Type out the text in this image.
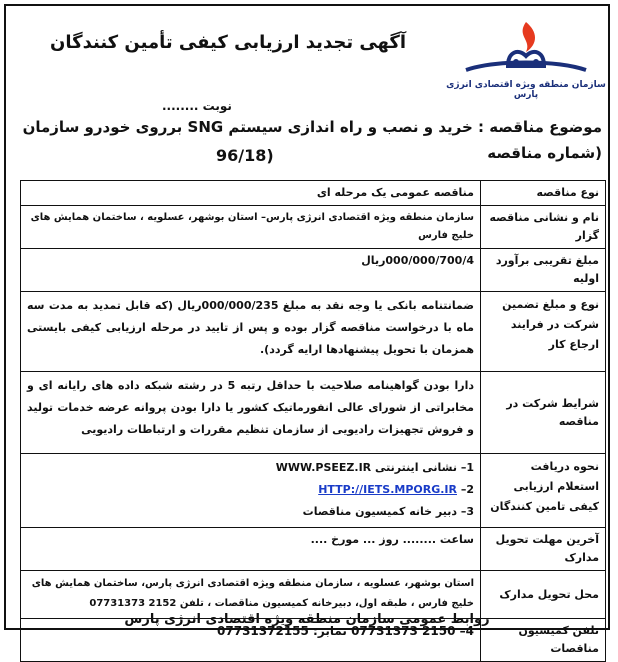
سازمان منطقه ویژه اقتصادی انرژی پارس
آگهی تجدید ارزیابی کیفی تأمین کنندگان
نوبت ........
موضوع مناقصه : خرید و نصب و راه اندازی سیستم SNG برروی خودرو سازمان (شماره مناقصه
96/18)
نوع مناقصه	مناقصه عمومی یک مرحله ای
نام و نشانی مناقصه گزار	سازمان منطقه ویژه اقتصادی انرژی پارس– استان بوشهر، عسلویه ، ساختمان همایش های خلیج فارس
مبلغ تقریبی برآورد اولیه	000/000/700/4ریال
نوع و مبلغ تضمین شرکت در فرایند ارجاع کار	ضمانتنامه بانکی یا وجه نقد به مبلغ 000/000/235ریال (که قابل تمدید به مدت سه ماه با درخواست مناقصه گزار بوده و پس از تایید در مرحله ارزیابی کیفی بایستی همزمان با تحویل پیشنهادها ارایه گردد).
شرایط شرکت در مناقصه	دارا بودن گواهینامه صلاحیت با حداقل رتبه 5 در رشته شبکه داده های رایانه ای و مخابراتی از شورای عالی انفورماتیک کشور یا دارا بودن پروانه عرضه خدمات تولید و فروش تجهیزات رادیویی از سازمان تنظیم مقررات و ارتباطات رادیویی
نحوه دریافت استعلام ارزیابی کیفی تامین کنندگان	1– نشانی اینترنتی WWW.PSEEZ.IR
2– HTTP://IETS.MPORG.IR
3– دبیر خانه کمیسیون مناقصات

آخرین مهلت تحویل مدارک	ساعت ........ روز ... مورخ ....
محل تحویل مدارک	استان بوشهر، عسلویه ، سازمان منطقه ویژه اقتصادی انرژی پارس، ساختمان همایش های خلیج فارس ، طبقه اول، دبیرخانه کمیسیون مناقصات ، تلفن 2152 07731373
تلفن کمیسیون مناقصات	4– 2150 07731373 نمابر: 07731372155
روابط عمومی سازمان منطقه ویژه اقتصادی انرژی پارس
